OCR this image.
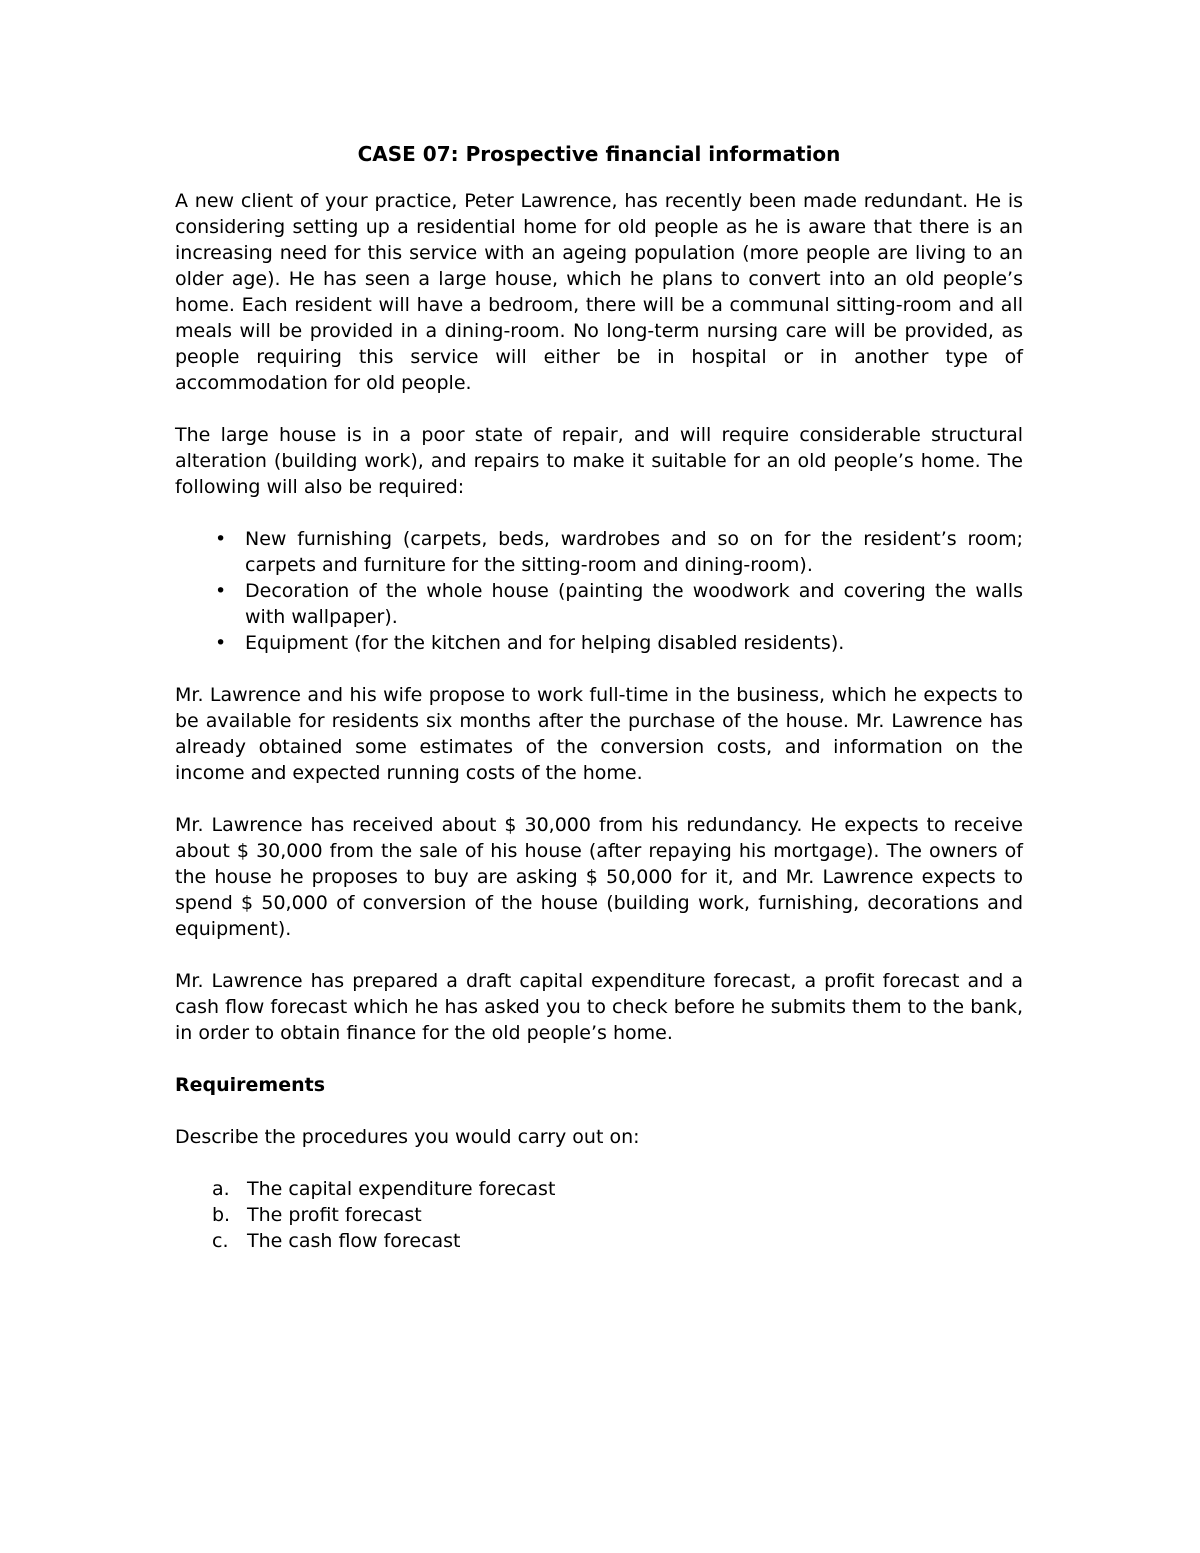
CASE 07: Prospective financial information

A new client of your practice, Peter Lawrence, has recently been made redundant. He is considering setting up a residential home for old people as he is aware that there is an increasing need for this service with an ageing population (more people are living to an older age). He has seen a large house, which he plans to convert into an old people’s home. Each resident will have a bedroom, there will be a communal sitting-room and all meals will be provided in a dining-room. No long-term nursing care will be provided, as people requiring this service will either be in hospital or in another type of accommodation for old people.

The large house is in a poor state of repair, and will require considerable structural alteration (building work), and repairs to make it suitable for an old people’s home. The following will also be required:

• New furnishing (carpets, beds, wardrobes and so on for the resident’s room; carpets and furniture for the sitting-room and dining-room).
• Decoration of the whole house (painting the woodwork and covering the walls with wallpaper).
• Equipment (for the kitchen and for helping disabled residents).

Mr. Lawrence and his wife propose to work full-time in the business, which he expects to be available for residents six months after the purchase of the house. Mr. Lawrence has already obtained some estimates of the conversion costs, and information on the income and expected running costs of the home.

Mr. Lawrence has received about $ 30,000 from his redundancy. He expects to receive about $ 30,000 from the sale of his house (after repaying his mortgage). The owners of the house he proposes to buy are asking $ 50,000 for it, and Mr. Lawrence expects to spend $ 50,000 of conversion of the house (building work, furnishing, decorations and equipment).

Mr. Lawrence has prepared a draft capital expenditure forecast, a profit forecast and a cash flow forecast which he has asked you to check before he submits them to the bank, in order to obtain finance for the old people’s home.

Requirements

Describe the procedures you would carry out on:

a. The capital expenditure forecast
b. The profit forecast
c. The cash flow forecast
